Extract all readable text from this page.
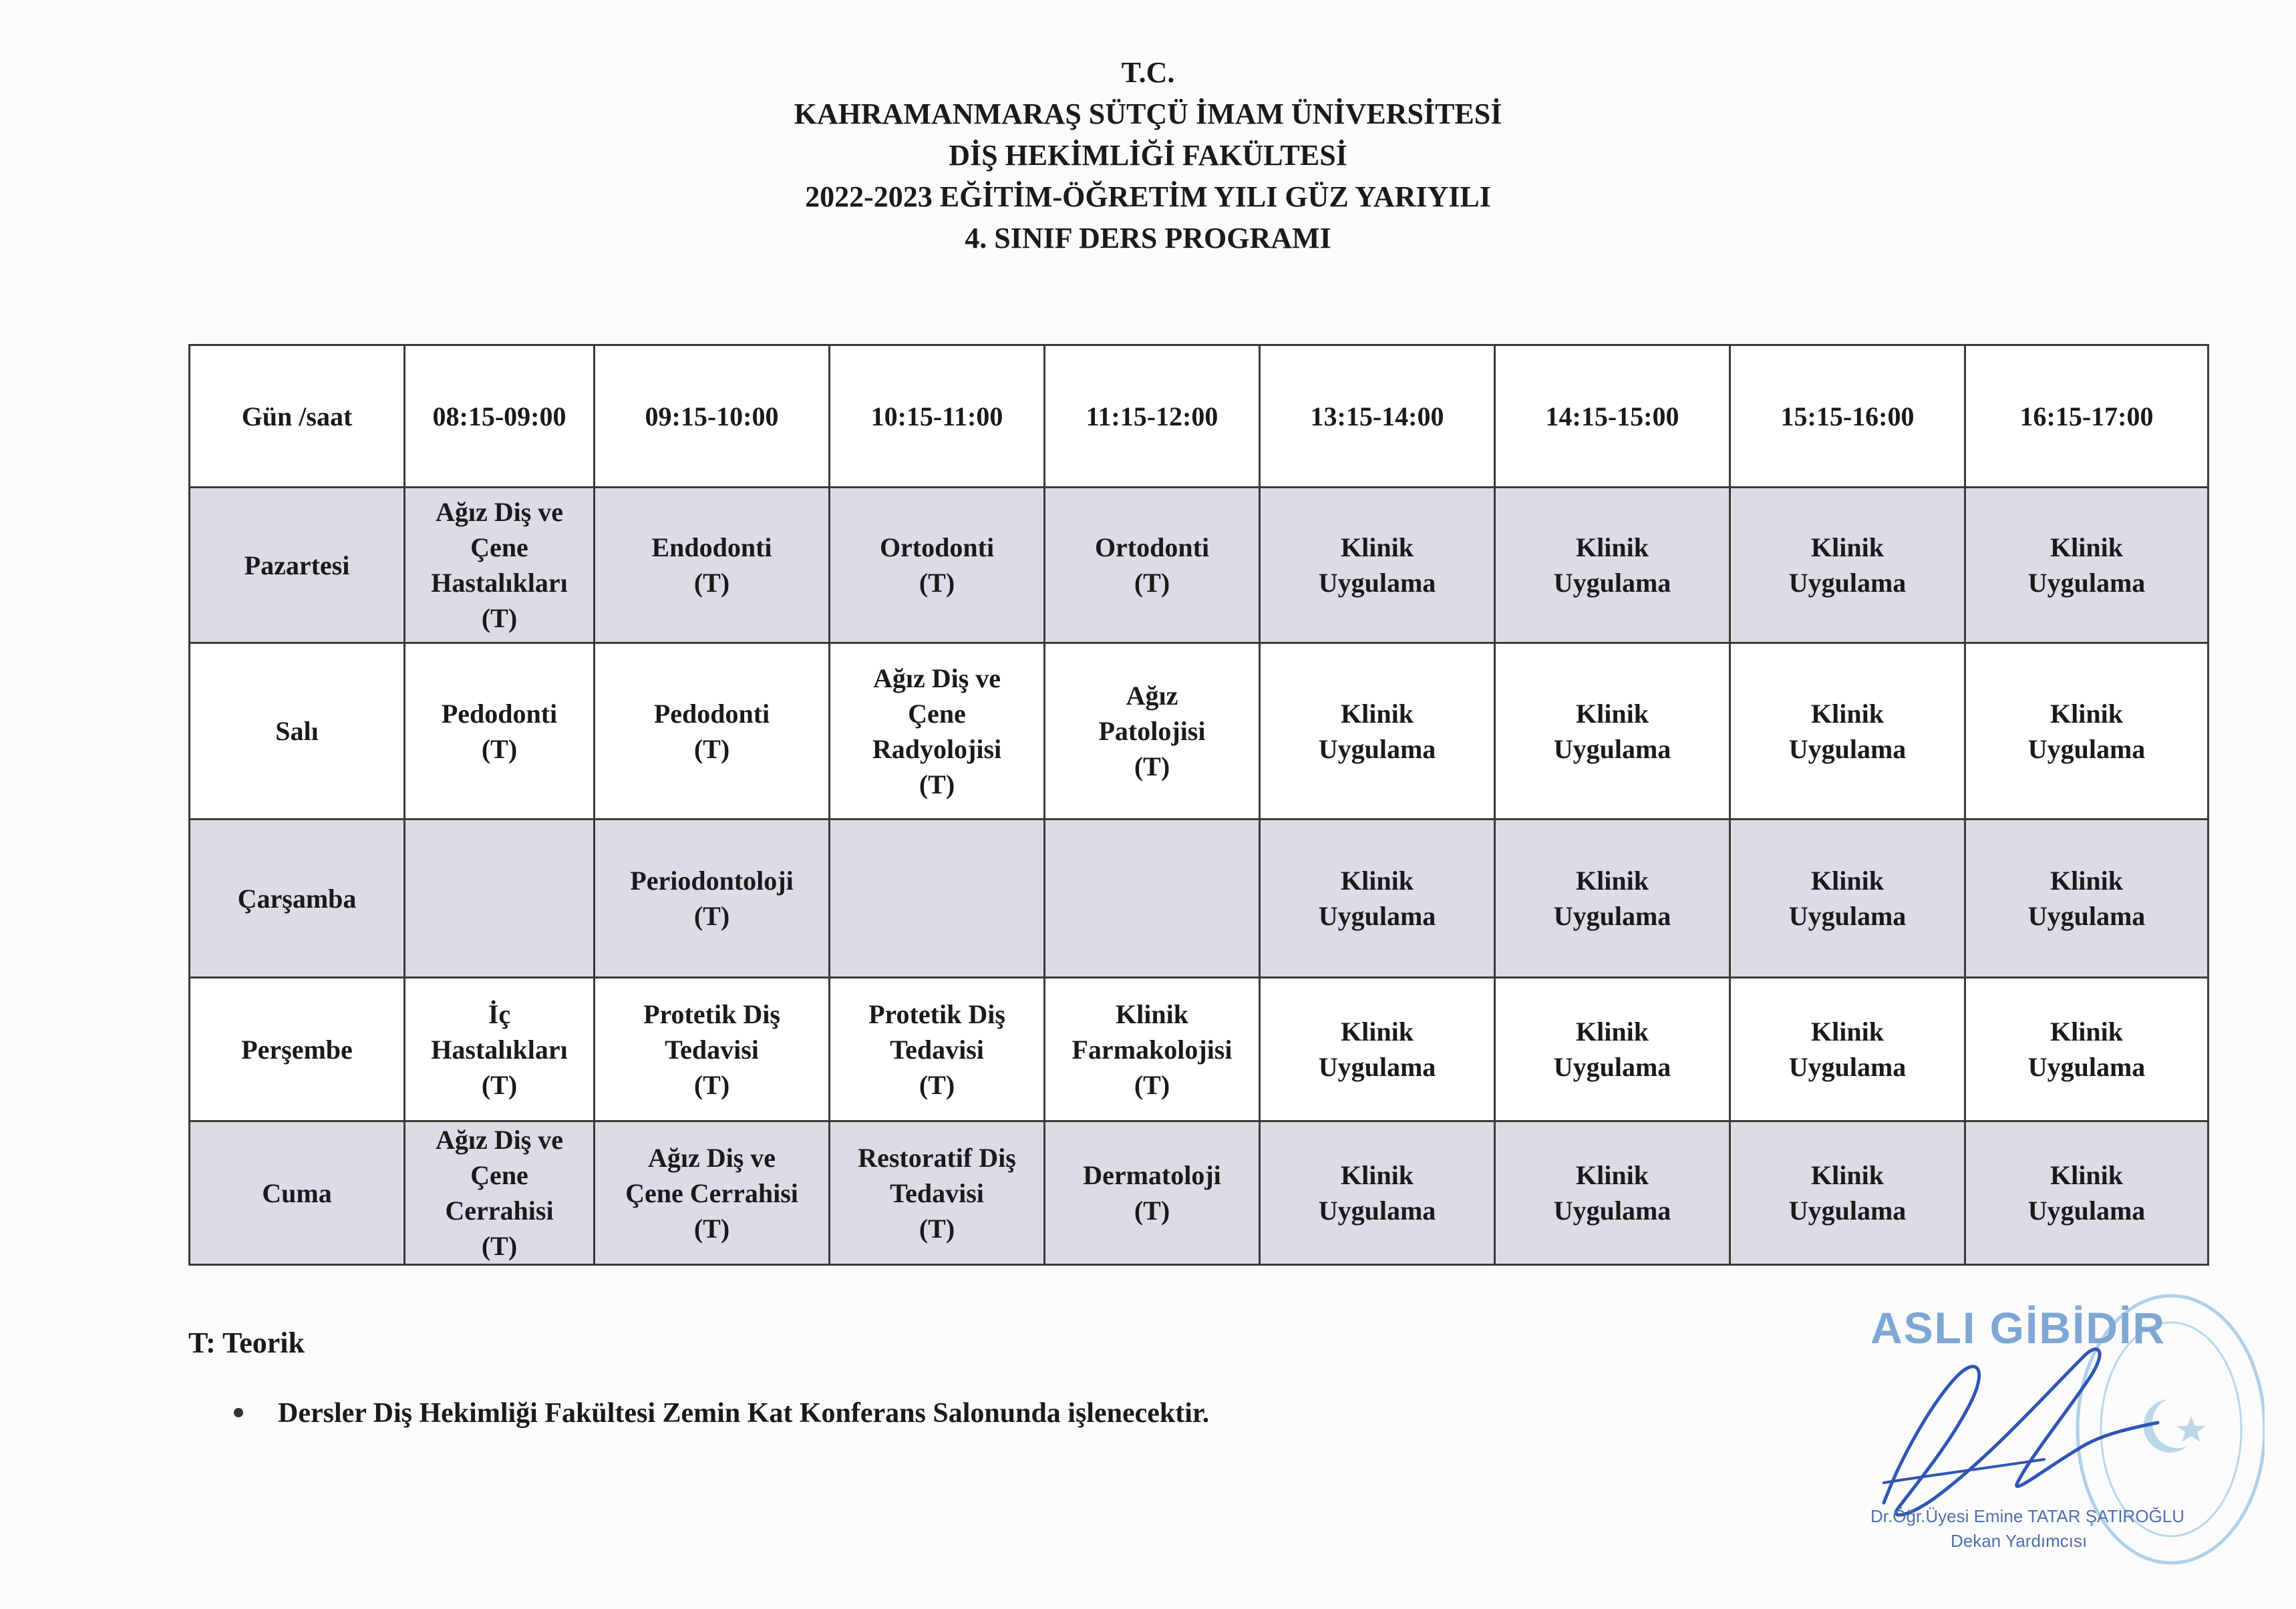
T.C.
KAHRAMANMARAŞ SÜTÇÜ İMAM ÜNİVERSİTESİ
DİŞ HEKİMLİĞİ FAKÜLTESİ
2022-2023 EĞİTİM-ÖĞRETİM YILI GÜZ YARIYILI
4. SINIF DERS PROGRAMI
Gün /saat	08:15-09:00	09:15-10:00	10:15-11:00	11:15-12:00	13:15-14:00	14:15-15:00	15:15-16:00	16:15-17:00
Pazartesi	Ağız Diş ve
Çene
Hastalıkları
(T)	Endodonti
(T)	Ortodonti
(T)	Ortodonti
(T)	Klinik
Uygulama	Klinik
Uygulama	Klinik
Uygulama	Klinik
Uygulama

Salı	Pedodonti
(T)	Pedodonti
(T)	Ağız Diş ve
Çene
Radyolojisi
(T)	Ağız
Patolojisi
(T)	Klinik
Uygulama	Klinik
Uygulama	Klinik
Uygulama	Klinik
Uygulama

Çarşamba		Periodontoloji
(T)			Klinik
Uygulama	Klinik
Uygulama	Klinik
Uygulama	Klinik
Uygulama

Perşembe	İç
Hastalıkları
(T)	Protetik Diş
Tedavisi
(T)	Protetik Diş
Tedavisi
(T)	Klinik
Farmakolojisi
(T)	Klinik
Uygulama	Klinik
Uygulama	Klinik
Uygulama	Klinik
Uygulama

Cuma	Ağız Diş ve
Çene
Cerrahisi
(T)	Ağız Diş ve
Çene Cerrahisi
(T)	Restoratif Diş
Tedavisi
(T)	Dermatoloji
(T)	Klinik
Uygulama	Klinik
Uygulama	Klinik
Uygulama	Klinik
Uygulama
T: Teorik
Dersler Diş Hekimliği Fakültesi Zemin Kat Konferans Salonunda işlenecektir.
ASLI GİBİDİR
Dr.Öğr.Üyesi Emine TATAR ŞATIROĞLU
Dekan Yardımcısı
